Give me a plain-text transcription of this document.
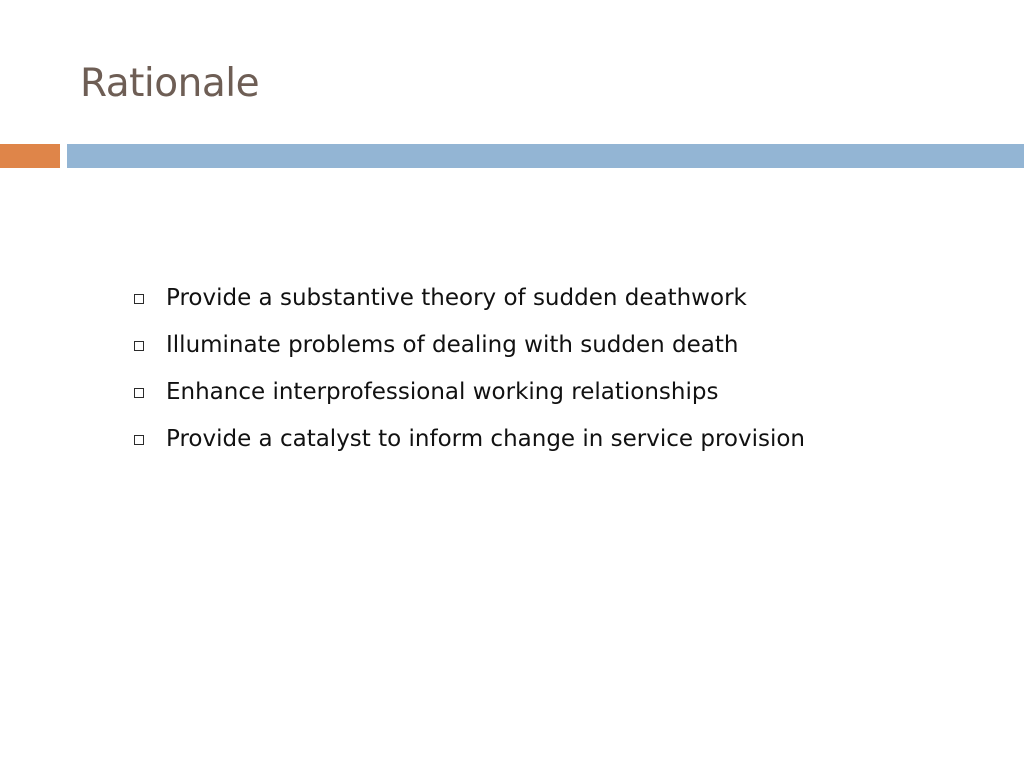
Rationale
Provide a substantive theory of sudden deathwork
Illuminate problems of dealing with sudden death
Enhance interprofessional working relationships
Provide a catalyst to inform change in service provision
